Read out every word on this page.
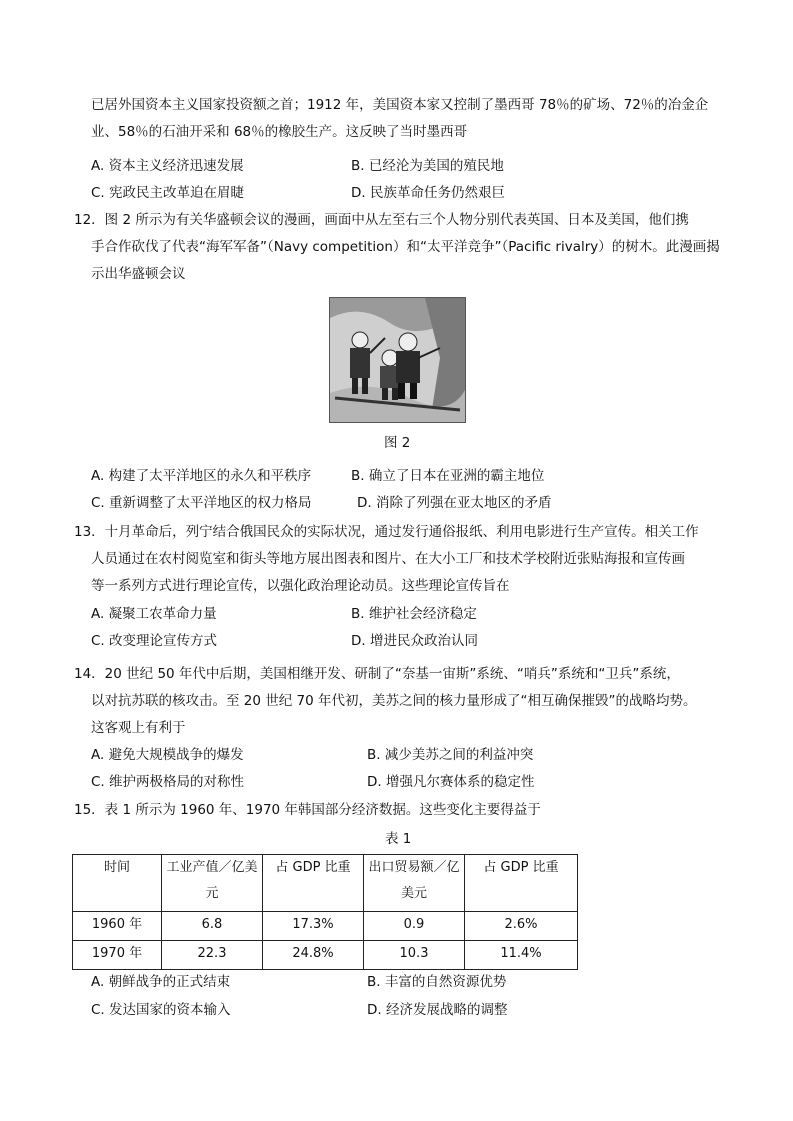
已居外国资本主义国家投资额之首；1912 年，美国资本家又控制了墨西哥 78％的矿场、72％的冶金企
业、58％的石油开采和 68％的橡胶生产。这反映了当时墨西哥
A. 资本主义经济迅速发展	B. 已经沦为美国的殖民地
C. 宪政民主改革迫在眉睫	D. 民族革命任务仍然艰巨
12．图 2 所示为有关华盛顿会议的漫画，画面中从左至右三个人物分别代表英国、日本及美国，他们携
手合作砍伐了代表“海军军备”（Navy competition）和“太平洋竞争”（Pacific rivalry）的树木。此漫画揭
示出华盛顿会议
图 2
A. 构建了太平洋地区的永久和平秩序	B. 确立了日本在亚洲的霸主地位
C. 重新调整了太平洋地区的权力格局	D. 消除了列强在亚太地区的矛盾
13．十月革命后，列宁结合俄国民众的实际状况，通过发行通俗报纸、利用电影进行生产宣传。相关工作
人员通过在农村阅览室和街头等地方展出图表和图片、在大小工厂和技术学校附近张贴海报和宣传画
等一系列方式进行理论宣传，以强化政治理论动员。这些理论宣传旨在
A. 凝聚工农革命力量	B. 维护社会经济稳定
C. 改变理论宣传方式	D. 增进民众政治认同
14．20 世纪 50 年代中后期，美国相继开发、研制了“奈基一宙斯”系统、“哨兵”系统和“卫兵”系统，
以对抗苏联的核攻击。至 20 世纪 70 年代初，美苏之间的核力量形成了“相互确保摧毁”的战略均势。
这客观上有利于
A. 避免大规模战争的爆发	B. 减少美苏之间的利益冲突
C. 维护两极格局的对称性	D. 增强凡尔赛体系的稳定性
15．表 1 所示为 1960 年、1970 年韩国部分经济数据。这些变化主要得益于
表 1
时间	工业产值／亿美元	占 GDP 比重	出口贸易额／亿美元	占 GDP 比重
1960 年	6.8	17.3%	0.9	2.6%
1970 年	22.3	24.8%	10.3	11.4%
A. 朝鲜战争的正式结束	B. 丰富的自然资源优势
C. 发达国家的资本输入	D. 经济发展战略的调整
